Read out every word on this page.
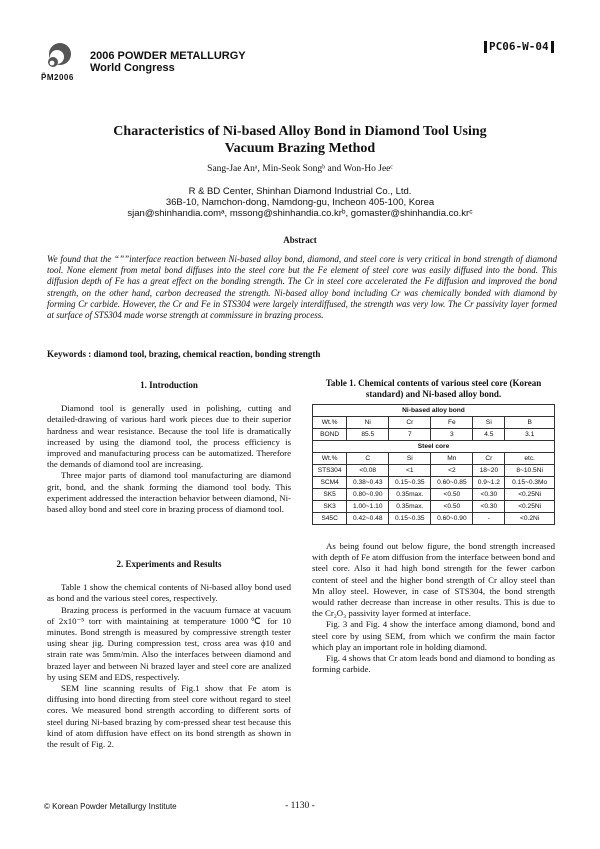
P̃M2006
2006 POWDER METALLURGY
World Congress
PC06-W-04
Characteristics of Ni-based Alloy Bond in Diamond Tool Using
Vacuum Brazing Method
Sang-Jae Anᵃ, Min-Seok Songᵇ and Won-Ho Jeeᶜ
R & BD Center, Shinhan Diamond Industrial Co., Ltd.
36B-10, Namchon-dong, Namdong-gu, Incheon 405-100, Korea
sjan@shinhandia.comᵃ, mssong@shinhandia.co.krᵇ, gomaster@shinhandia.co.krᶜ
Abstract
We found that the “””interface reaction between Ni-based alloy bond, diamond, and steel core is very critical in bond strength of diamond tool. None element from metal bond diffuses into the steel core but the Fe element of steel core was easily diffused into the bond. This diffusion depth of Fe has a great effect on the bonding strength. The Cr in steel core accelerated the Fe diffusion and improved the bond strength, on the other hand, carbon decreased the strength. Ni-based alloy bond including Cr was chemically bonded with diamond by forming Cr carbide. However, the Cr and Fe in STS304 were largely interdiffused, the strength was very low. The Cr passivity layer formed at surface of STS304 made worse strength at commissure in brazing process.
Keywords : diamond tool, brazing, chemical reaction, bonding strength
1. Introduction

Diamond tool is generally used in polishing, cutting and detailed-drawing of various hard work pieces due to their superior hardness and wear resistance. Because the tool life is dramatically increased by using the diamond tool, the process efficiency is improved and manufacturing process can be automatized. Therefore the demands of diamond tool are increasing.

Three major parts of diamond tool manufacturing are diamond grit, bond, and the shank forming the diamond tool body. This experiment addressed the interaction behavior between diamond, Ni-based alloy bond and steel core in brazing process of diamond tool.

2. Experiments and Results

Table 1 show the chemical contents of Ni-based alloy bond used as bond and the various steel cores, respectively.

Brazing process is performed in the vacuum furnace at vacuum of 2x10⁻⁵ torr with maintaining at temperature 1000℃ for 10 minutes. Bond strength is measured by compressive strength tester using shear jig. During compression test, cross area was ϕ10 and strain rate was 5mm/min. Also the interfaces between diamond and brazed layer and between Ni brazed layer and steel core are analized by using SEM and EDS, respectively.

SEM line scanning results of Fig.1 show that Fe atom is diffusing into bond directing from steel core without regard to steel cores. We measured bond strength according to different sorts of steel during Ni-based brazing by com-pressed shear test because this kind of atom diffusion have effect on its bond strength as shown in the result of Fig. 2.

Table 1. Chemical contents of various steel core (Korean
standard) and Ni-based alloy bond.
Ni-based alloy bond					
Wt.%	Ni	Cr	Fe	Si	B
BOND	85.5	7	3	4.5	3.1
Steel core					
Wt.%	C	Si	Mn	Cr	etc.
STS304	<0.08	<1	<2	18~20	8~10.5Ni
SCM4	0.38~0.43	0.15~0.35	0.60~0.85	0.9~1.2	0.15~0.3Mo
SK5	0.80~0.90	0.35max.	<0.50	<0.30	<0.25Ni
SK3	1.00~1.10	0.35max.	<0.50	<0.30	<0.25Ni
S45C	0.42~0.48	0.15~0.35	0.60~0.90	-	<0.2Ni

As being found out below figure, the bond strength increased with depth of Fe atom diffusion from the interface between bond and steel core. Also it had high bond strength for the fewer carbon content of steel and the higher bond strength of Cr alloy steel than Mn alloy steel. However, in case of STS304, the bond strength would rather decrease than increase in other results. This is due to the Cr₂O₃ passivity layer formed at interface.

Fig. 3 and Fig. 4 show the interface among diamond, bond and steel core by using SEM, from which we confirm the main factor which play an important role in holding diamond.

Fig. 4 shows that Cr atom leads bond and diamond to bonding as forming carbide.

© Korean Powder Metallurgy Institute	- 1130 -
